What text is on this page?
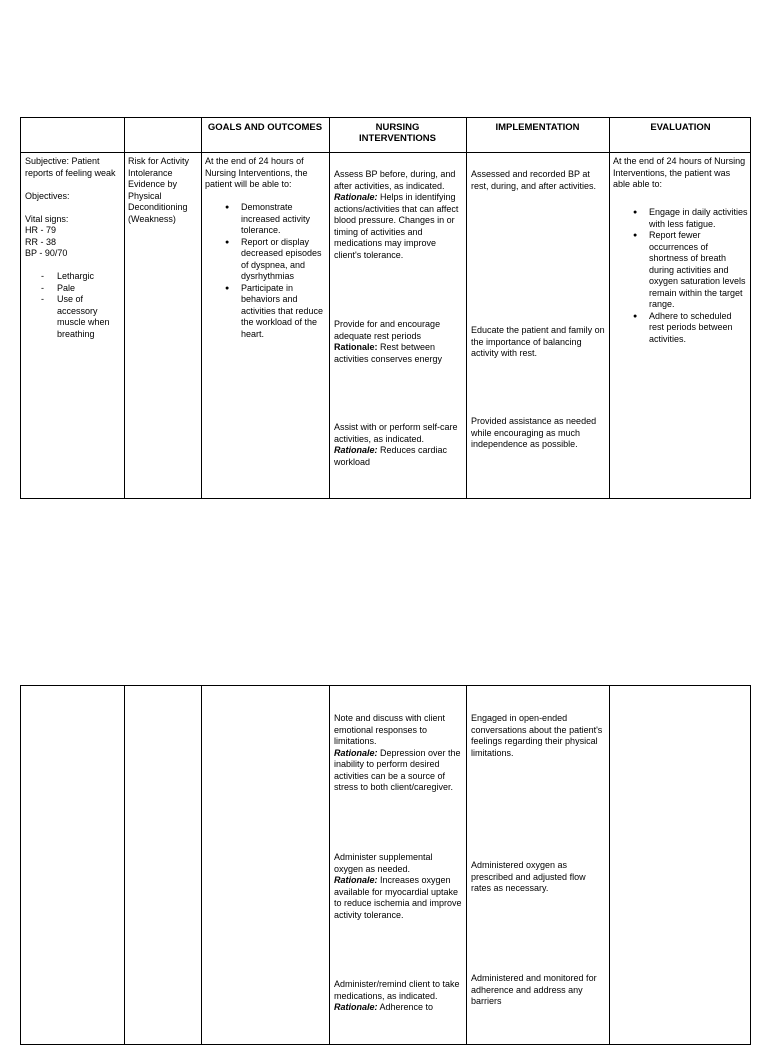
GOALS AND OUTCOMES	NURSING INTERVENTIONS
IMPLEMENTATION	EVALUATION

Subjective: Patient reports of feeling weak

Objectives:

Vital signs:

HR - 79

RR - 38

BP - 90/70

- Lethargic
- Pale
- Use of accessory muscle when breathing

Risk for Activity Intolerance Evidence by Physical Deconditioning (Weakness)

At the end of 24 hours of Nursing Interventions, the patient will be able to:

● Demonstrate increased activity tolerance.
● Report or display decreased episodes of dyspnea, and dysrhythmias
● Participate in behaviors and activities that reduce the workload of the heart.

Assess BP before, during, and after activities, as indicated.

Rationale: Helps in identifying actions/activities that can affect blood pressure. Changes in or timing of activities and medications may improve client's tolerance.

Provide for and encourage adequate rest periods

Rationale: Rest between activities conserves energy

Assist with or perform self-care activities, as indicated.

Rationale: Reduces cardiac workload

Assessed and recorded BP at rest, during, and after activities.
Educate the patient and family on the importance of balancing activity with rest.
Provided assistance as needed while encouraging as much independence as possible.

At the end of 24 hours of Nursing Interventions, the patient was able able to:

● Engage in daily activities with less fatigue.
● Report fewer occurrences of shortness of breath during activities and oxygen saturation levels remain within the target range.
● Adhere to scheduled rest periods between activities.

Note and discuss with client emotional responses to limitations.

Rationale: Depression over the inability to perform desired activities can be a source of stress to both client/caregiver.

Administer supplemental oxygen as needed.

Rationale: Increases oxygen available for myocardial uptake to reduce ischemia and improve activity tolerance.

Administer/remind client to take medications, as indicated.

Rationale: Adherence to

Engaged in open-ended conversations about the patient's feelings regarding their physical limitations.
Administered oxygen as prescribed and adjusted flow rates as necessary.
Administered and monitored for adherence and address any barriers
